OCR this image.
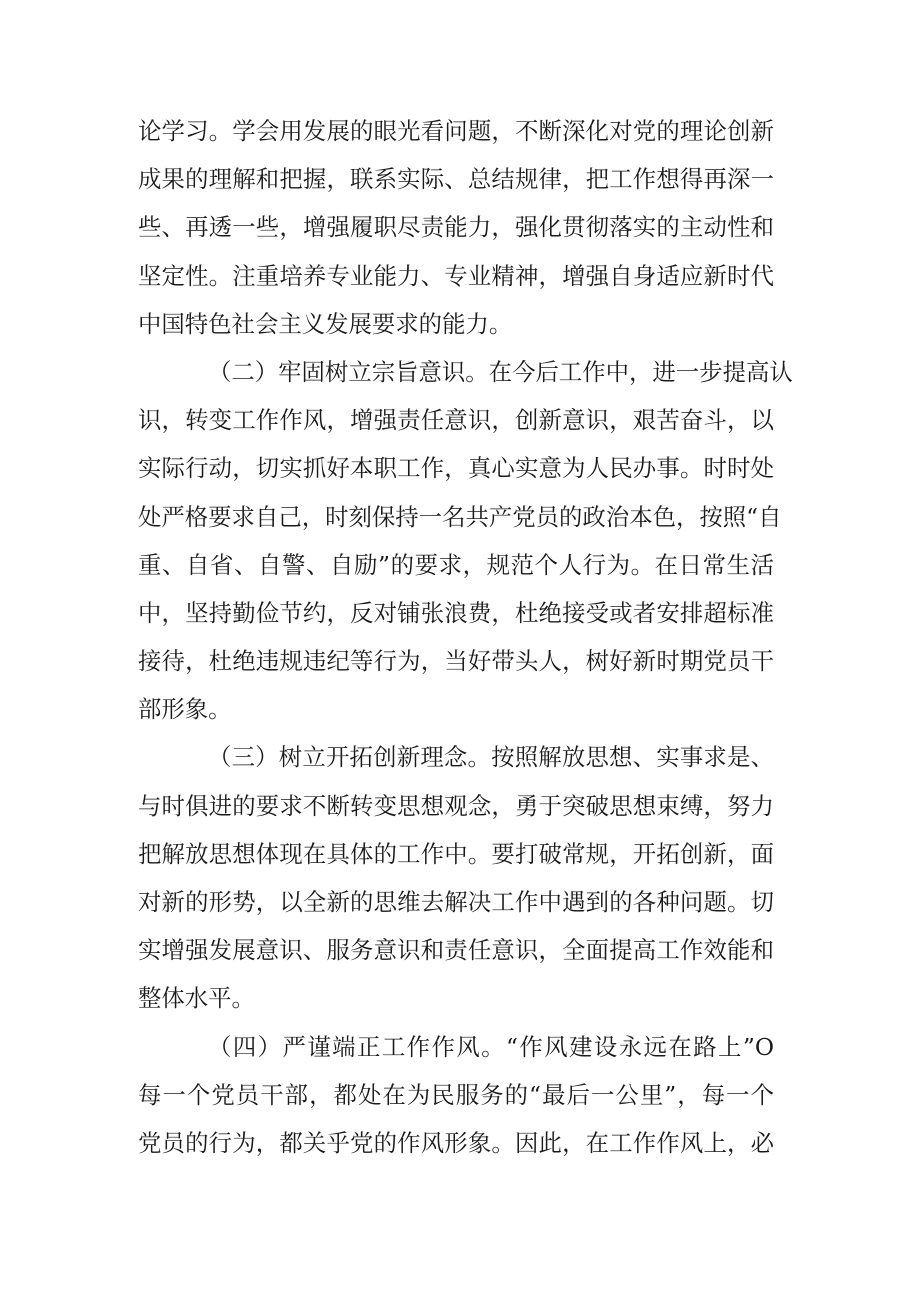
论学习。学会用发展的眼光看问题，不断深化对党的理论创新
成果的理解和把握，联系实际、总结规律，把工作想得再深一
些、再透一些，增强履职尽责能力，强化贯彻落实的主动性和
坚定性。注重培养专业能力、专业精神，增强自身适应新时代
中国特色社会主义发展要求的能力。
（二）牢固树立宗旨意识。在今后工作中，进一步提高认
识，转变工作作风，增强责任意识，创新意识，艰苦奋斗，以
实际行动，切实抓好本职工作，真心实意为人民办事。时时处
处严格要求自己，时刻保持一名共产党员的政治本色，按照“自
重、自省、自警、自励”的要求，规范个人行为。在日常生活
中，坚持勤俭节约，反对铺张浪费，杜绝接受或者安排超标准
接待，杜绝违规违纪等行为，当好带头人，树好新时期党员干
部形象。
（三）树立开拓创新理念。按照解放思想、实事求是、
与时俱进的要求不断转变思想观念，勇于突破思想束缚，努力
把解放思想体现在具体的工作中。要打破常规，开拓创新，面
对新的形势，以全新的思维去解决工作中遇到的各种问题。切
实增强发展意识、服务意识和责任意识，全面提高工作效能和
整体水平。
（四）严谨端正工作作风。“作风建设永远在路上”O
每一个党员干部，都处在为民服务的“最后一公里”，每一个
党员的行为，都关乎党的作风形象。因此，在工作作风上，必
